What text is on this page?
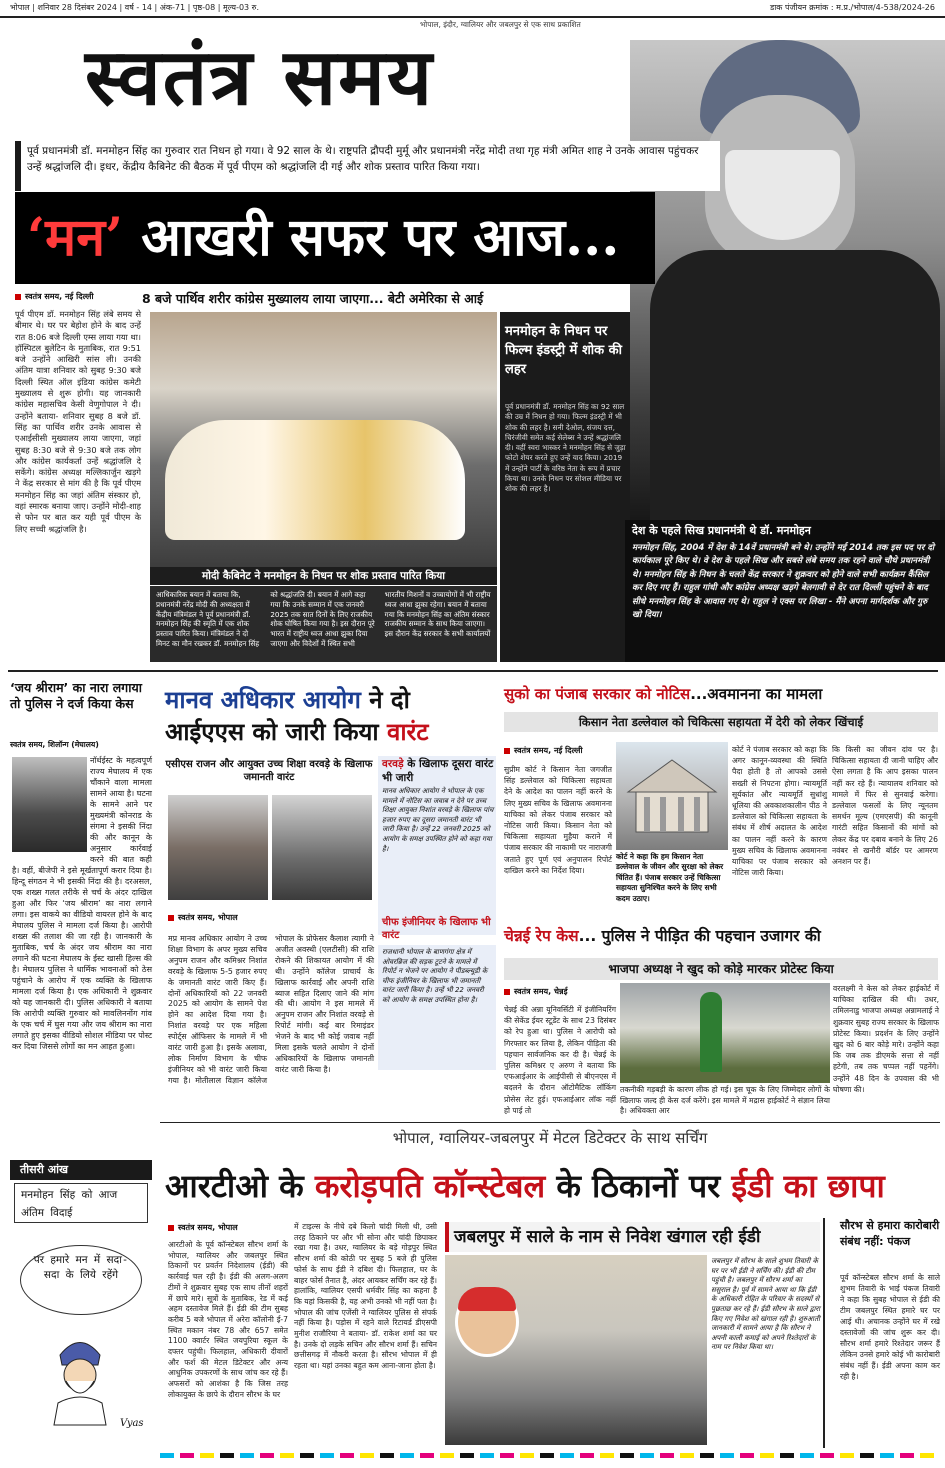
भोपाल | शनिवार 28 दिसंबर 2024 | वर्ष - 14 | अंक-71 | पृष्ठ-08 | मूल्य-03 रु.	डाक पंजीयन क्रमांक : म.प्र./भोपाल/4-538/2024-26
भोपाल, इंदौर, ग्वालियर और जबलपुर से एक साथ प्रकाशित
स्वतंत्र समय
पूर्व प्रधानमंत्री डॉ. मनमोहन सिंह का गुरुवार रात निधन हो गया। वे 92 साल के थे। राष्ट्रपति द्रौपदी मुर्मू और प्रधानमंत्री नरेंद्र मोदी तथा गृह मंत्री अमित शाह ने उनके आवास पहुंचकर उन्हें श्रद्धांजलि दी। इधर, केंद्रीय कैबिनेट की बैठक में पूर्व पीएम को श्रद्धांजलि दी गई और शोक प्रस्ताव पारित किया गया।
‘मन’ आखरी सफर पर आज...
स्वतंत्र समय, नई दिल्ली	8 बजे पार्थिव शरीर कांग्रेस मुख्यालय लाया जाएगा... बेटी अमेरिका से आई
पूर्व पीएम डॉ. मनमोहन सिंह लंबे समय से बीमार थे। घर पर बेहोश होने के बाद उन्हें रात 8:06 बजे दिल्ली एम्स लाया गया था। हॉस्पिटल बुलेटिन के मुताबिक, रात 9:51 बजे उन्होंने आखिरी सांस ली। उनकी अंतिम यात्रा शनिवार को सुबह 9:30 बजे दिल्ली स्थित ऑल इंडिया कांग्रेस कमेटी मुख्यालय से शुरू होगी। यह जानकारी कांग्रेस महासचिव केसी वेणुगोपाल ने दी। उन्होंने बताया- शनिवार सुबह 8 बजे डॉ. सिंह का पार्थिव शरीर उनके आवास से एआईसीसी मुख्यालय लाया जाएगा, जहां सुबह 8:30 बजे से 9:30 बजे तक लोग और कांग्रेस कार्यकर्ता उन्हें श्रद्धांजलि दे सकेंगे। कांग्रेस अध्यक्ष मल्लिकार्जुन खड़गे ने केंद्र सरकार से मांग की है कि पूर्व पीएम मनमोहन सिंह का जहां अंतिम संस्कार हो, वहां स्मारक बनाया जाए। उन्होंने मोदी-शाह से फोन पर बात कर यही पूर्व पीएम के लिए सच्ची श्रद्धांजलि है।
मोदी कैबिनेट ने मनमोहन के निधन पर शोक प्रस्ताव पारित किया
आधिकारिक बयान में बताया कि, प्रधानमंत्री नरेंद्र मोदी की अध्यक्षता में केंद्रीय मंत्रिमंडल ने पूर्व प्रधानमंत्री डॉ. मनमोहन सिंह की स्मृति में एक शोक प्रस्ताव पारित किया। मंत्रिमंडल ने दो मिनट का मौन रखकर डॉ. मनमोहन सिंह को श्रद्धांजलि दी। बयान में आगे कहा गया कि उनके सम्मान में एक जनवरी 2025 तक सात दिनों के लिए राजकीय शोक घोषित किया गया है। इस दौरान पूरे भारत में राष्ट्रीय ध्वज आधा झुका दिया जाएगा और विदेशों में स्थित सभी भारतीय मिशनों व उच्चायोगों में भी राष्ट्रीय ध्वज आधा झुका रहेगा। बयान में बताया गया कि मनमोहन सिंह का अंतिम संस्कार राजकीय सम्मान के साथ किया जाएगा। इस दौरान केंद्र सरकार के सभी कार्यालयों
मनमोहन के निधन पर फिल्म इंडस्ट्री में शोक की लहर
पूर्व प्रधानमंत्री डॉ. मनमोहन सिंह का 92 साल की उम्र में निधन हो गया। फिल्म इंडस्ट्री में भी शोक की लहर है। सनी देओल, संजय दत्त, चिरंजीवी समेत कई सेलेब्स ने उन्हें श्रद्धांजलि दी। वहीं स्वरा भास्कर ने मनमोहन सिंह से जुड़ा फोटो शेयर करते हुए उन्हें याद किया। 2019 में उन्होंने पार्टी के वरिष्ठ नेता के रूप में प्रचार किया था। उनके निधन पर सोशल मीडिया पर शोक की लहर है।
देश के पहले सिख प्रधानमंत्री थे डॉ. मनमोहन
मनमोहन सिंह, 2004 में देश के 14वें प्रधानमंत्री बने थे। उन्होंने मई 2014 तक इस पद पर दो कार्यकाल पूरे किए थे। वे देश के पहले सिख और सबसे लंबे समय तक रहने वाले चौथे प्रधानमंत्री थे। मनमोहन सिंह के निधन के चलते केंद्र सरकार ने शुक्रवार को होने वाले सभी कार्यक्रम कैंसिल कर दिए गए हैं। राहुल गांधी और कांग्रेस अध्यक्ष खड़गे बेलगावी से देर रात दिल्ली पहुंचने के बाद सीधे मनमोहन सिंह के आवास गए थे। राहुल ने एक्स पर लिखा - मैंने अपना मार्गदर्शक और गुरु खो दिया।
‘जय श्रीराम’ का नारा लगाया तो पुलिस ने दर्ज किया केस
स्वतंत्र समय, शिलॉन्ग (मेघालय)
नॉर्थईस्ट के महत्वपूर्ण राज्य मेघालय में एक चौंकाने वाला मामला सामने आया है। घटना के सामने आने पर मुख्यमंत्री कोनराड के संगमा ने इसकी निंदा की और कानून के अनुसार कार्रवाई करने की बात कही है। वहीं, बीजेपी ने इसे मूर्खतापूर्ण करार दिया है। हिन्दू संगठन ने भी इसकी निंदा की है। दरअसल, एक शख्स गलत तरीके से चर्च के अंदर दाखिल हुआ और फिर ‘जय श्रीराम’ का नारा लगाने लगा। इस वाकये का वीडियो वायरल होने के बाद मेघालय पुलिस ने मामला दर्ज किया है। आरोपी शख्स की तलाश की जा रही है। जानकारी के मुताबिक, चर्च के अंदर जय श्रीराम का नारा लगाने की घटना मेघालय के ईस्ट खासी हिल्स की है। मेघालय पुलिस ने धार्मिक भावनाओं को ठेस पहुंचाने के आरोप में एक व्यक्ति के खिलाफ मामला दर्ज किया है। एक अधिकारी ने शुक्रवार को यह जानकारी दी। पुलिस अधिकारी ने बताया कि आरोपी व्यक्ति गुरुवार को मावलिननोंग गांव के एक चर्च में घुस गया और जय श्रीराम का नारा लगाते हुए इसका वीडियो सोशल मीडिया पर पोस्ट कर दिया जिससे लोगों का मन आहत हुआ।
तीसरी आंख
मनमोहन सिंह को आज अंतिम विदाई
पर हमारे मन में सदा-सदा के लिये रहेंगे
Vyas
मानव अधिकार आयोग ने दो
आईएएस को जारी किया वारंट
एसीएस राजन और आयुक्त उच्च शिक्षा वरवड़े के खिलाफ जमानती वारंट
वरवड़े के खिलाफ दूसरा वारंट भी जारी
मानव अधिकार आयोग ने भोपाल के एक मामले में नोटिस का जवाब न देने पर उच्च शिक्षा आयुक्त निशांत वरवड़े के खिलाफ पांच हजार रुपए का दूसरा जमानती वारंट भी जारी किया है। उन्हें 22 जनवरी 2025 को आयोग के समक्ष उपस्थित होने को कहा गया है।
चीफ इंजीनियर के खिलाफ भी वारंट
राजधानी भोपाल के बाणगंगा क्षेत्र में ओवरब्रिज की सड़क टूटने के मामले में रिपोर्ट न भेजने पर आयोग ने पीडब्ल्यूडी के चीफ इंजीनियर के खिलाफ भी जमानती वारंट जारी किया है। उन्हें भी 22 जनवरी को आयोग के समक्ष उपस्थित होना है।
स्वतंत्र समय, भोपाल
मप्र मानव अधिकार आयोग ने उच्च शिक्षा विभाग के अपर मुख्य सचिव अनुपम राजन और कमिश्नर निशांत वरवड़े के खिलाफ 5-5 हजार रुपए के जमानती वारंट जारी किए हैं। दोनों अधिकारियों को 22 जनवरी 2025 को आयोग के सामने पेश होने का आदेश दिया गया है। निशांत वरवड़े पर एक महिला स्पोर्ट्स ऑफिसर के मामले में भी वारंट जारी हुआ है। इसके अलावा, लोक निर्माण विभाग के चीफ इंजीनियर को भी वारंट जारी किया गया है। मोतीलाल विज्ञान कॉलेज भोपाल के प्रोफेसर कैलाश त्यागी ने अजीत अवस्थी (एलटीसी) की राशि रोकने की शिकायत आयोग में की थी। उन्होंने कॉलेज प्राचार्य के खिलाफ कार्रवाई और अपनी राशि ब्याज सहित दिलाए जाने की मांग की थी। आयोग ने इस मामले में अनुपम राजन और निशांत वरवड़े से रिपोर्ट मांगी। कई बार रिमाइंडर भेजने के बाद भी कोई जवाब नहीं मिला इसके चलते आयोग ने दोनों अधिकारियों के खिलाफ जमानती वारंट जारी किया है।
सुको का पंजाब सरकार को नोटिस...अवमानना का मामला
किसान नेता डल्लेवाल को चिकित्सा सहायता में देरी को लेकर खिंचाई
स्वतंत्र समय, नई दिल्ली
सुप्रीम कोर्ट ने किसान नेता जगजीत सिंह डल्लेवाल को चिकित्सा सहायता देने के आदेश का पालन नहीं करने के लिए मुख्य सचिव के खिलाफ अवमानना याचिका को लेकर पंजाब सरकार को नोटिस जारी किया। किसान नेता को चिकित्सा सहायता मुहैया कराने में पंजाब सरकार की नाकामी पर नाराजगी जताते हुए पूर्ण एवं अनुपालन रिपोर्ट दाखिल करने का निर्देश दिया।
कोर्ट ने कहा कि हम किसान नेता डल्लेवाल के जीवन और सुरक्षा को लेकर चिंतित हैं। पंजाब सरकार उन्हें चिकित्सा सहायता सुनिश्चित करने के लिए सभी कदम उठाए।
कोर्ट ने पंजाब सरकार को कहा कि अगर कानून-व्यवस्था की स्थिति पैदा होती है तो आपको उससे सख्ती से निपटना होगा। न्यायमूर्ति सूर्यकांत और न्यायमूर्ति सुधांशु धूलिया की अवकाशकालीन पीठ ने डल्लेवाल को चिकित्सा सहायता के संबंध में शीर्ष अदालत के आदेश का पालन नहीं करने के कारण मुख्य सचिव के खिलाफ अवमानना याचिका पर पंजाब सरकार को नोटिस जारी किया।
कि किसी का जीवन दांव पर है। चिकित्सा सहायता दी जानी चाहिए और ऐसा लगता है कि आप इसका पालन नहीं कर रहे हैं। न्यायालय शनिवार को मामले में फिर से सुनवाई करेगा। डल्लेवाल फसलों के लिए न्यूनतम समर्थन मूल्य (एमएसपी) की कानूनी गारंटी सहित किसानों की मांगों को लेकर केंद्र पर दबाव बनाने के लिए 26 नवंबर से खनौरी बॉर्डर पर आमरण अनशन पर हैं।
चेन्नई रेप केस... पुलिस ने पीड़ित की पहचान उजागर की
भाजपा अध्यक्ष ने खुद को कोड़े मारकर प्रोटेस्ट किया
स्वतंत्र समय, चेन्नई
चेन्नई की अन्ना यूनिवर्सिटी में इंजीनियरिंग की सेकेंड ईयर स्टूडेंट के साथ 23 दिसंबर को रेप हुआ था। पुलिस ने आरोपी को गिरफ्तार कर लिया है, लेकिन पीड़िता की पहचान सार्वजनिक कर दी है। चेन्नई के पुलिस कमिश्नर ए अरुण ने बताया कि एफआईआर के आईपीसी से बीएनएस में बदलने के दौरान ऑटोमैटिक लॉकिंग प्रोसेस लेट हुई। एफआईआर लॉक नहीं हो पाई तो
तकनीकी गड़बड़ी के कारण लीक हो गई। इस चूक के लिए जिम्मेदार लोगों के खिलाफ जल्द ही केस दर्ज करेंगे। इस मामले में मद्रास हाईकोर्ट ने संज्ञान लिया है। अधिवक्ता आर
वरलक्ष्मी ने केस को लेकर हाईकोर्ट में याचिका दाखिल की थी। उधर, तमिलनाडु भाजपा अध्यक्ष अन्नामलाई ने शुक्रवार सुबह राज्य सरकार के खिलाफ प्रोटेस्ट किया। प्रदर्शन के लिए उन्होंने खुद को 6 बार कोड़े मारे। उन्होंने कहा कि जब तक डीएमके सत्ता से नहीं हटेगी, तब तक चप्पल नहीं पहनेंगे। उन्होंने 48 दिन के उपवास की भी घोषणा की।
भोपाल, ग्वालियर-जबलपुर में मेटल डिटेक्टर के साथ सर्चिंग
आरटीओ के करोड़पति कॉन्स्टेबल के ठिकानों पर ईडी का छापा
स्वतंत्र समय, भोपाल
आरटीओ के पूर्व कॉन्स्टेबल सौरभ शर्मा के भोपाल, ग्वालियर और जबलपुर स्थित ठिकानों पर प्रवर्तन निदेशालय (ईडी) की कार्रवाई चल रही है। ईडी की अलग-अलग टीमों ने शुक्रवार सुबह एक साथ तीनों शहरों में छापे मारे। सूत्रों के मुताबिक, रेड में कई अहम दस्तावेज मिले हैं। ईडी की टीम सुबह करीब 5 बजे भोपाल में अरेरा कॉलोनी ई-7 स्थित मकान नंबर 78 और 657 समेत 1100 क्वार्टर स्थित जयपुरिया स्कूल के दफ्तर पहुंची। फिलहाल, अधिकारी दीवारों और फर्श की मेटल डिटेक्टर और अन्य आधुनिक उपकरणों के साथ जांच कर रहे हैं। अफसरों को आशंका है कि जिस तरह लोकायुक्त के छापे के दौरान सौरभ के घर
में टाइल्स के नीचे दबे किलो चांदी मिली थी, उसी तरह ठिकाने पर और भी सोना और चांदी छिपाकर रखा गया है। उधर, ग्वालियर के बड़े गोड़पुर स्थित सौरभ शर्मा की कोठी पर सुबह 5 बजे ही पुलिस फोर्स के साथ ईडी ने दबिश दी। फिलहाल, घर के बाहर फोर्स तैनात है, अंदर आयकर सर्चिंग कर रहे हैं। हालांकि, ग्वालियर एसपी धर्मवीर सिंह का कहना है कि यहां किसकी है, यह अभी उनको भी नहीं पता है। भोपाल की जांच एजेंसी ने ग्वालियर पुलिस से संपर्क नहीं किया है। पड़ोस में रहने वाले रिटायर्ड डीएसपी मुनीश राजौरिया ने बताया- डॉ. राकेश शर्मा का घर है। उनके दो लड़के सचिन और सौरभ शर्मा हैं। सचिन छत्तीसगढ़ में नौकरी करता है। सौरभ भोपाल में ही रहता था। यहां उनका बहुत कम आना-जाना होता है।
जबलपुर में साले के नाम से निवेश खंगाल रही ईडी
जबलपुर में सौरभ के साले शुभम तिवारी के घर पर भी ईडी ने सर्चिंग की। ईडी की टीम पहुंची है। जबलपुर में सौरभ शर्मा का ससुराल है। पूर्व में सामने आया था कि ईडी के अधिकारी रोहित के परिवार के सदस्यों से पूछताछ कर रहे हैं। ईडी सौरभ के साले द्वारा किए गए निवेश को खंगाल रही है। शुरुआती जानकारी में सामने आया है कि सौरभ ने अपनी काली कमाई को अपने रिश्तेदारों के नाम पर निवेश किया था।
सौरभ से हमारा कारोबारी संबंध नहीं: पंकज
पूर्व कॉन्स्टेबल सौरभ शर्मा के साले शुभम तिवारी के भाई पंकज तिवारी ने कहा कि सुबह भोपाल से ईडी की टीम जबलपुर स्थित हमारे घर पर आई थी। अचानक उन्होंने घर में रखे दस्तावेजों की जांच शुरू कर दी। सौरभ शर्मा हमारे रिश्तेदार जरूर हैं लेकिन उनसे हमारे कोई भी कारोबारी संबंध नहीं हैं। ईडी अपना काम कर रही है।
